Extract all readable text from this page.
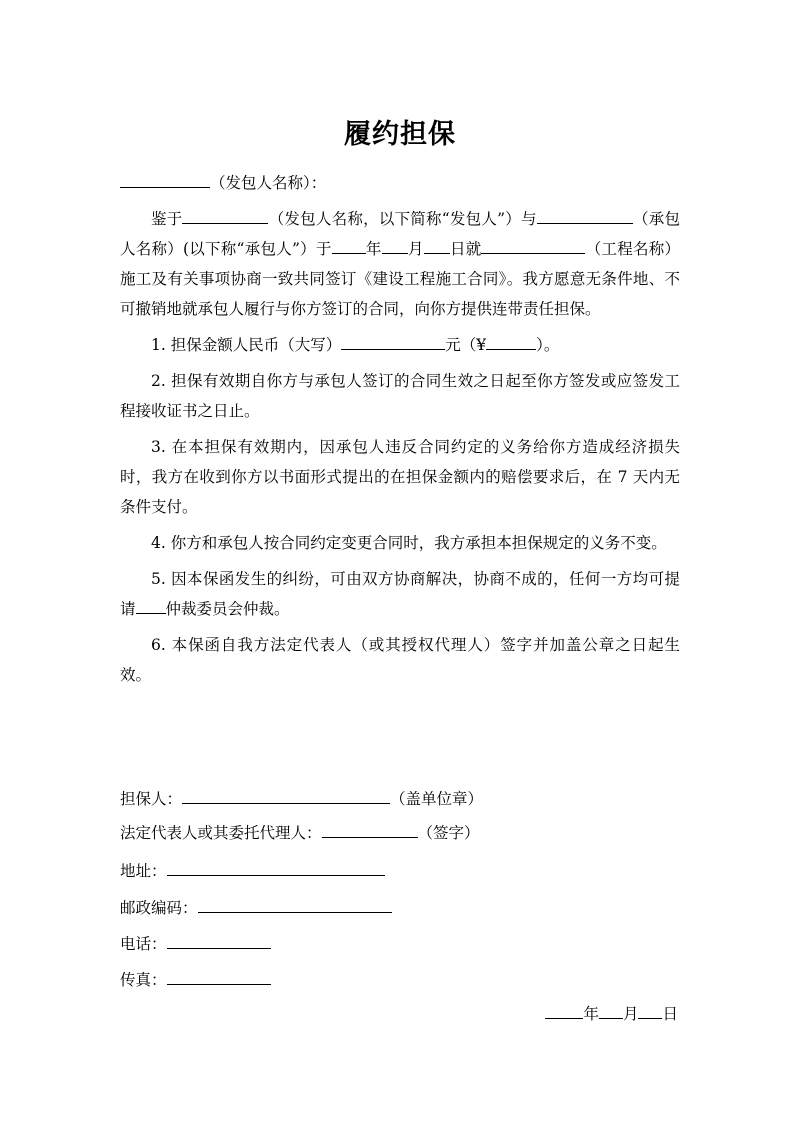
履约担保

（发包人名称）：

鉴于	（发包人名称，以下简称“发包人”）与	（承包人名称）(以下称“承包人”）于 年 月 日就	（工程名称）施工及有关事项协商一致共同签订《建设工程施工合同》。我方愿意无条件地、不可撤销地就承包人履行与你方签订的合同，向你方提供连带责任担保。

1. 担保金额人民币（大写）	元（¥	）。

2. 担保有效期自你方与承包人签订的合同生效之日起至你方签发或应签发工程接收证书之日止。

3. 在本担保有效期内，因承包人违反合同约定的义务给你方造成经济损失时，我方在收到你方以书面形式提出的在担保金额内的赔偿要求后，在 7 天内无条件支付。

4. 你方和承包人按合同约定变更合同时，我方承担本担保规定的义务不变。

5. 因本保函发生的纠纷，可由双方协商解决，协商不成的，任何一方均可提请 仲裁委员会仲裁。

6. 本保函自我方法定代表人（或其授权代理人）签字并加盖公章之日起生效。

担保人：	（盖单位章）
法定代表人或其委托代理人：	（签字）
地址：
邮政编码：
电话：
传真：
年 月 日
